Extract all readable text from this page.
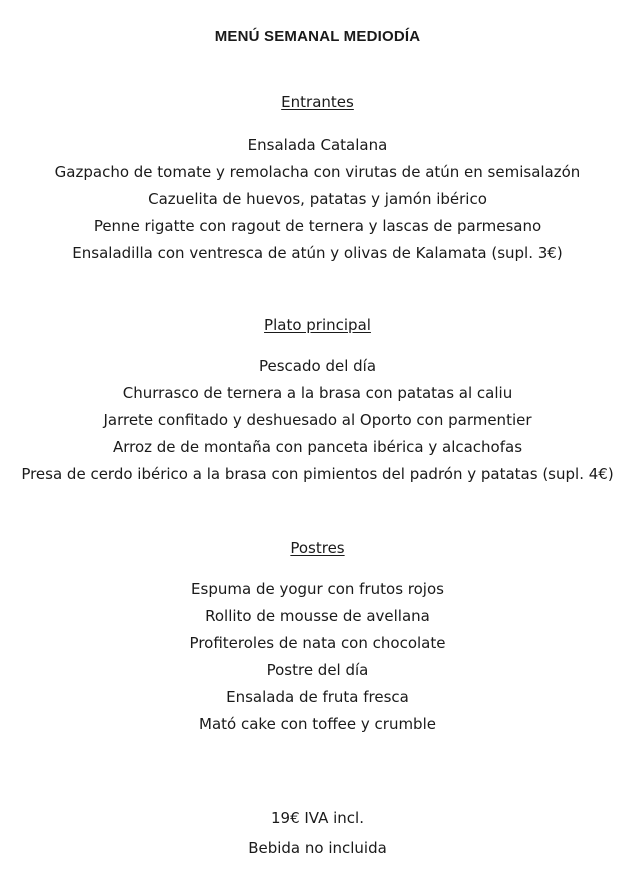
MENÚ SEMANAL MEDIODÍA
Entrantes
Ensalada Catalana
Gazpacho de tomate y remolacha con virutas de atún en semisalazón
Cazuelita de huevos, patatas y jamón ibérico
Penne rigatte con ragout de ternera y lascas de parmesano
Ensaladilla con ventresca de atún y olivas de Kalamata (supl. 3€)
Plato principal
Pescado del día
Churrasco de ternera a la brasa con patatas al caliu
Jarrete confitado y deshuesado al Oporto con parmentier
Arroz de de montaña con panceta ibérica y alcachofas
Presa de cerdo ibérico a la brasa con pimientos del padrón y patatas (supl. 4€)
Postres
Espuma de yogur con frutos rojos
Rollito de mousse de avellana
Profiteroles de nata con chocolate
Postre del día
Ensalada de fruta fresca
Mató cake con toffee y crumble
19€ IVA incl.
Bebida no incluida
